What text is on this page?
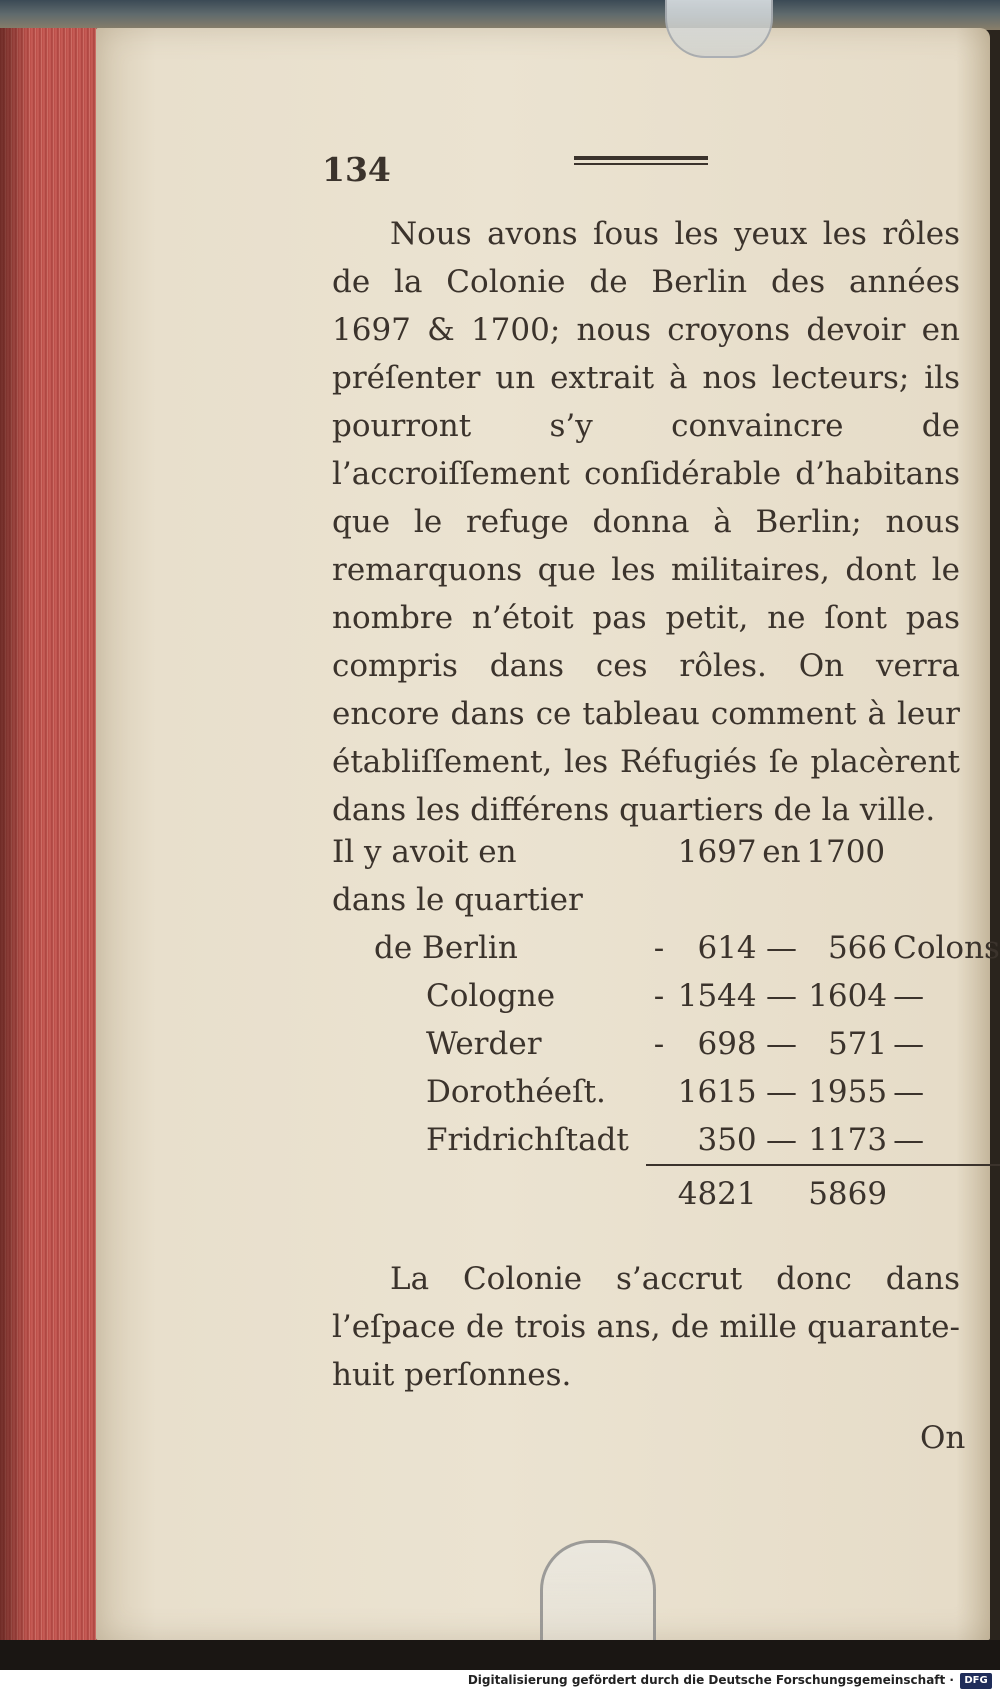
134
Nous avons ſous les yeux les rôles de la Colonie de Berlin des années 1697 & 1700; nous croyons devoir en préſenter un extrait à nos lecteurs; ils pourront s’y convaincre de l’accroiſſement conſidérable d’habitans que le refuge donna à Berlin; nous remarquons que les militaires, dont le nombre n’étoit pas petit, ne ſont pas compris dans ces rôles. On verra encore dans ce tableau comment à leur établiſſement, les Réfugiés ſe placèrent dans les différens quartiers de la ville.
Il y avoit en		1697	en	1700	
dans le quartier					
de Berlin	-	614	—	566	Colons
Cologne	-	1544	—	1604	—
Werder	-	698	—	571	—
Dorothéeſt.		1615	—	1955	—
Fridrichſtadt		350	—	1173	—

		4821		5869	
La Colonie s’accrut donc dans l’eſpace de trois ans, de mille quarante-huit perſonnes.
On
Digitalisierung gefördert durch die Deutsche Forschungsgemeinschaft ·	DFG
